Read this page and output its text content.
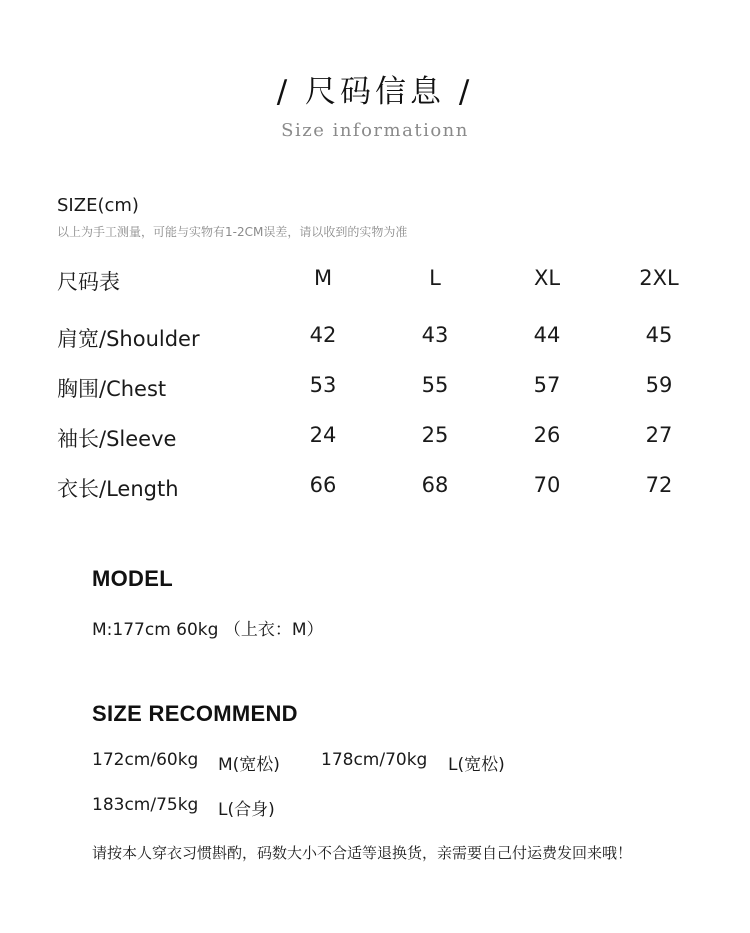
/ 尺码信息 /
Size informationn
SIZE(cm)
以上为手工测量，可能与实物有1-2CM误差，请以收到的实物为准
尺码表	M	L	XL	2XL
肩宽/Shoulder	42	43	44	45
胸围/Chest	53	55	57	59
袖长/Sleeve	24	25	26	27
衣长/Length	66	68	70	72
MODEL
M:177cm 60kg （上衣：M）
SIZE RECOMMEND
172cm/60kg M(宽松) 178cm/70kg L(宽松)
183cm/75kg L(合身)
请按本人穿衣习惯斟酌，码数大小不合适等退换货，亲需要自己付运费发回来哦！
